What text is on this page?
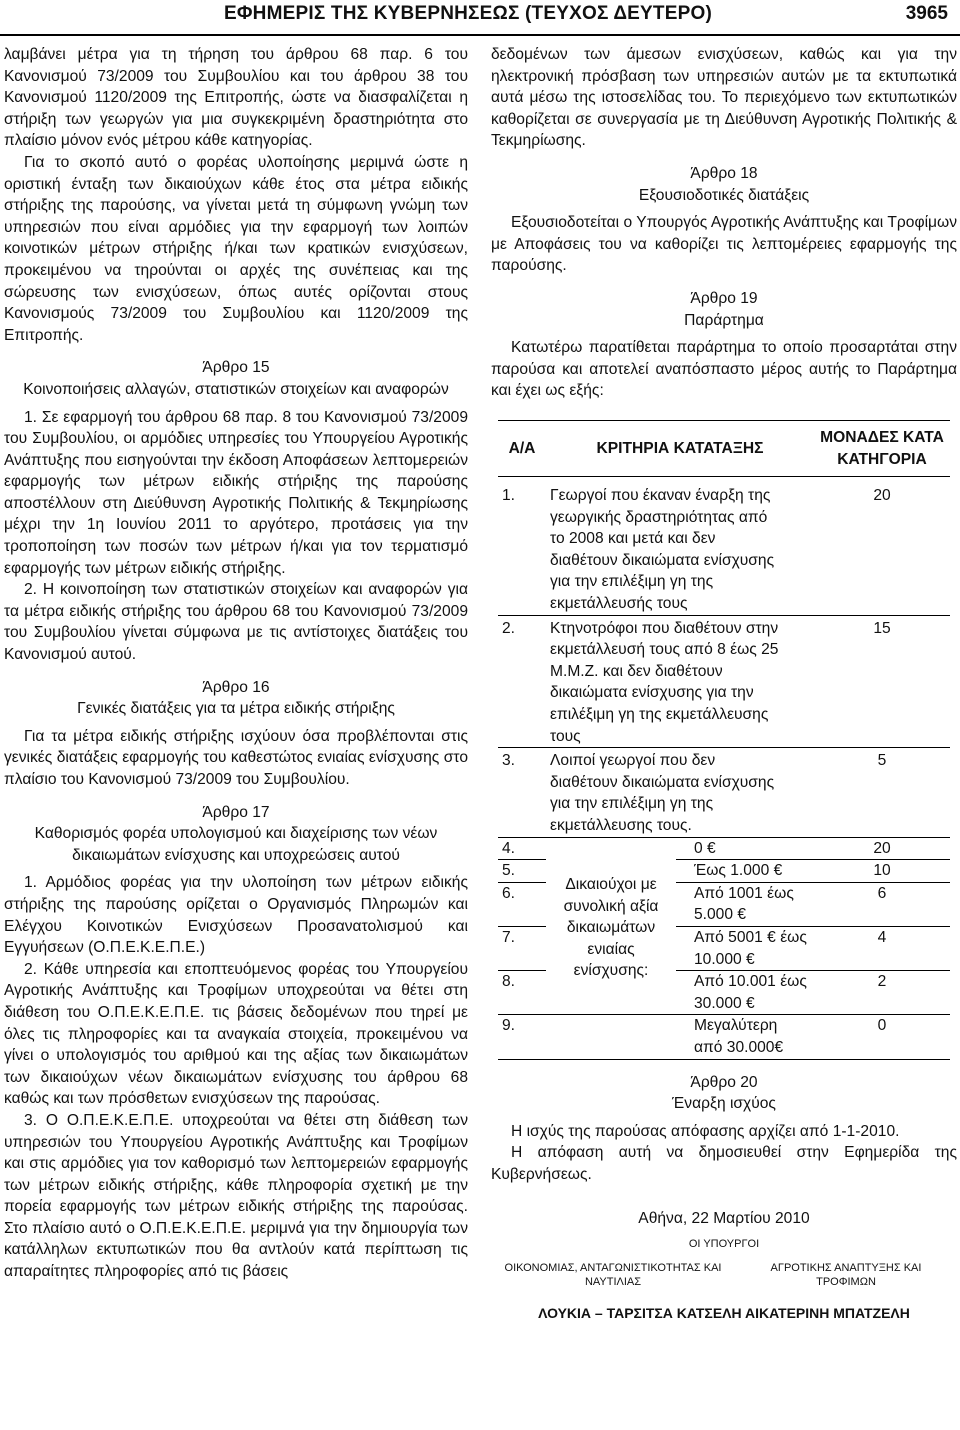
ΕΦΗΜΕΡΙΣ ΤΗΣ ΚΥΒΕΡΝΗΣΕΩΣ (ΤΕΥΧΟΣ ΔΕΥΤΕΡΟ)	3965

λαμβάνει μέτρα για τη τήρηση του άρθρου 68 παρ. 6 του Κανονισμού 73/2009 του Συμβουλίου και του άρθρου 38 του Κανονισμού 1120/2009 της Επιτροπής, ώστε να διασφαλίζεται η στήριξη των γεωργών για μια συγκεκριμένη δραστηριότητα στο πλαίσιο μόνον ενός μέτρου κάθε κατηγορίας.

Για το σκοπό αυτό ο φορέας υλοποίησης μεριμνά ώστε η οριστική ένταξη των δικαιούχων κάθε έτος στα μέτρα ειδικής στήριξης της παρούσης, να γίνεται μετά τη σύμφωνη γνώμη των υπηρεσιών που είναι αρμόδιες για την εφαρμογή των λοιπών κοινοτικών μέτρων στήριξης ή/και των κρατικών ενισχύσεων, προκειμένου να τηρούνται οι αρχές της συνέπειας και της σώρευσης των ενισχύσεων, όπως αυτές ορίζονται στους Κανονισμούς 73/2009 του Συμβουλίου και 1120/2009 της Επιτροπής.

Άρθρο 15

Κοινοποιήσεις αλλαγών, στατιστικών στοιχείων και αναφορών

1. Σε εφαρμογή του άρθρου 68 παρ. 8 του Κανονισμού 73/2009 του Συμβουλίου, οι αρμόδιες υπηρεσίες του Υπουργείου Αγροτικής Ανάπτυξης που εισηγούνται την έκδοση Αποφάσεων λεπτομερειών εφαρμογής των μέτρων ειδικής στήριξης της παρούσης αποστέλλουν στη Διεύθυνση Αγροτικής Πολιτικής & Τεκμηρίωσης μέχρι την 1η Ιουνίου 2011 το αργότερο, προτάσεις για την τροποποίηση των ποσών των μέτρων ή/και για τον τερματισμό εφαρμογής των μέτρων ειδικής στήριξης.

2. Η κοινοποίηση των στατιστικών στοιχείων και αναφορών για τα μέτρα ειδικής στήριξης του άρθρου 68 του Κανονισμού 73/2009 του Συμβουλίου γίνεται σύμφωνα με τις αντίστοιχες διατάξεις του Κανονισμού αυτού.

Άρθρο 16

Γενικές διατάξεις για τα μέτρα ειδικής στήριξης

Για τα μέτρα ειδικής στήριξης ισχύουν όσα προβλέπονται στις γενικές διατάξεις εφαρμογής του καθεστώτος ενιαίας ενίσχυσης στο πλαίσιο του Κανονισμού 73/2009 του Συμβουλίου.

Άρθρο 17

Καθορισμός φορέα υπολογισμού και διαχείρισης των νέων δικαιωμάτων ενίσχυσης και υποχρεώσεις αυτού

1. Αρμόδιος φορέας για την υλοποίηση των μέτρων ειδικής στήριξης της παρούσης ορίζεται ο Οργανισμός Πληρωμών και Ελέγχου Κοινοτικών Ενισχύσεων Προσανατολισμού και Εγγυήσεων (Ο.Π.Ε.Κ.Ε.Π.Ε.)

2. Κάθε υπηρεσία και εποπτευόμενος φορέας του Υπουργείου Αγροτικής Ανάπτυξης και Τροφίμων υποχρεούται να θέτει στη διάθεση του Ο.Π.Ε.Κ.Ε.Π.Ε. τις βάσεις δεδομένων που τηρεί με όλες τις πληροφορίες και τα αναγκαία στοιχεία, προκειμένου να γίνει ο υπολογισμός του αριθμού και της αξίας των δικαιωμάτων των δικαιούχων νέων δικαιωμάτων ενίσχυσης του άρθρου 68 καθώς και των πρόσθετων ενισχύσεων της παρούσας.

3. Ο Ο.Π.Ε.Κ.Ε.Π.Ε. υποχρεούται να θέτει στη διάθεση των υπηρεσιών του Υπουργείου Αγροτικής Ανάπτυξης και Τροφίμων και στις αρμόδιες για τον καθορισμό των λεπτομερειών εφαρμογής των μέτρων ειδικής στήριξης, κάθε πληροφορία σχετική με την πορεία εφαρμογής των μέτρων ειδικής στήριξης της παρούσας. Στο πλαίσιο αυτό ο Ο.Π.Ε.Κ.Ε.Π.Ε. μεριμνά για την δημιουργία των κατάλληλων εκτυπωτικών που θα αντλούν κατά περίπτωση τις απαραίτητες πληροφορίες από τις βάσεις

δεδομένων των άμεσων ενισχύσεων, καθώς και για την ηλεκτρονική πρόσβαση των υπηρεσιών αυτών με τα εκτυπωτικά αυτά μέσω της ιστοσελίδας του. Το περιεχόμενο των εκτυπωτικών καθορίζεται σε συνεργασία με τη Διεύθυνση Αγροτικής Πολιτικής & Τεκμηρίωσης.

Άρθρο 18

Εξουσιοδοτικές διατάξεις

Εξουσιοδοτείται ο Υπουργός Αγροτικής Ανάπτυξης και Τροφίμων με Αποφάσεις του να καθορίζει τις λεπτομέρειες εφαρμογής της παρούσης.

Άρθρο 19

Παράρτημα

Κατωτέρω παρατίθεται παράρτημα το οποίο προσαρτάται στην παρούσα και αποτελεί αναπόσπαστο μέρος αυτής το Παράρτημα και έχει ως εξής:

Α/Α	ΚΡΙΤΗΡΙΑ ΚΑΤΑΤΑΞΗΣ		ΜΟΝΑΔΕΣ ΚΑΤΑ ΚΑΤΗΓΟΡΙΑ
1.	Γεωργοί που έκαναν έναρξη της γεωργικής δραστηριότητας από το 2008 και μετά και δεν διαθέτουν δικαιώματα ενίσχυσης για την επιλέξιμη γη της εκμετάλλευσής τους		20
2.	Κτηνοτρόφοι που διαθέτουν στην εκμετάλλευσή τους από 8 έως 25 Μ.Μ.Ζ. και δεν διαθέτουν δικαιώματα ενίσχυσης για την επιλέξιμη γη της εκμετάλλευσης τους		15
3.	Λοιποί γεωργοί που δεν διαθέτουν δικαιώματα ενίσχυσης για την επιλέξιμη γη της εκμετάλλευσης τους.		5
4.	Δικαιούχοι με συνολική αξία δικαιωμάτων ενιαίας ενίσχυσης:	0 €	20
5.		Έως 1.000 €	10
6.		Από 1001 έως 5.000 €	6
7.		Από 5001 € έως 10.000 €	4
8.		Από 10.001 έως 30.000 €	2
9.		Μεγαλύτερη από 30.000€	0

Άρθρο 20

Έναρξη ισχύος

Η ισχύς της παρούσας απόφασης αρχίζει από 1-1-2010.

Η απόφαση αυτή να δημοσιευθεί στην Εφημερίδα της Κυβερνήσεως.

Αθήνα, 22 Μαρτίου 2010

ΟΙ ΥΠΟΥΡΓΟΙ

ΟΙΚΟΝΟΜΙΑΣ, ΑΝΤΑΓΩΝΙΣΤΙΚΟΤΗΤΑΣ ΚΑΙ ΝΑΥΤΙΛΙΑΣ
ΑΓΡΟΤΙΚΗΣ ΑΝΑΠΤΥΞΗΣ ΚΑΙ ΤΡΟΦΙΜΩΝ

ΛΟΥΚΙΑ – ΤΑΡΣΙΤΣΑ ΚΑΤΣΕΛΗ ΑΙΚΑΤΕΡΙΝΗ ΜΠΑΤΖΕΛΗ
